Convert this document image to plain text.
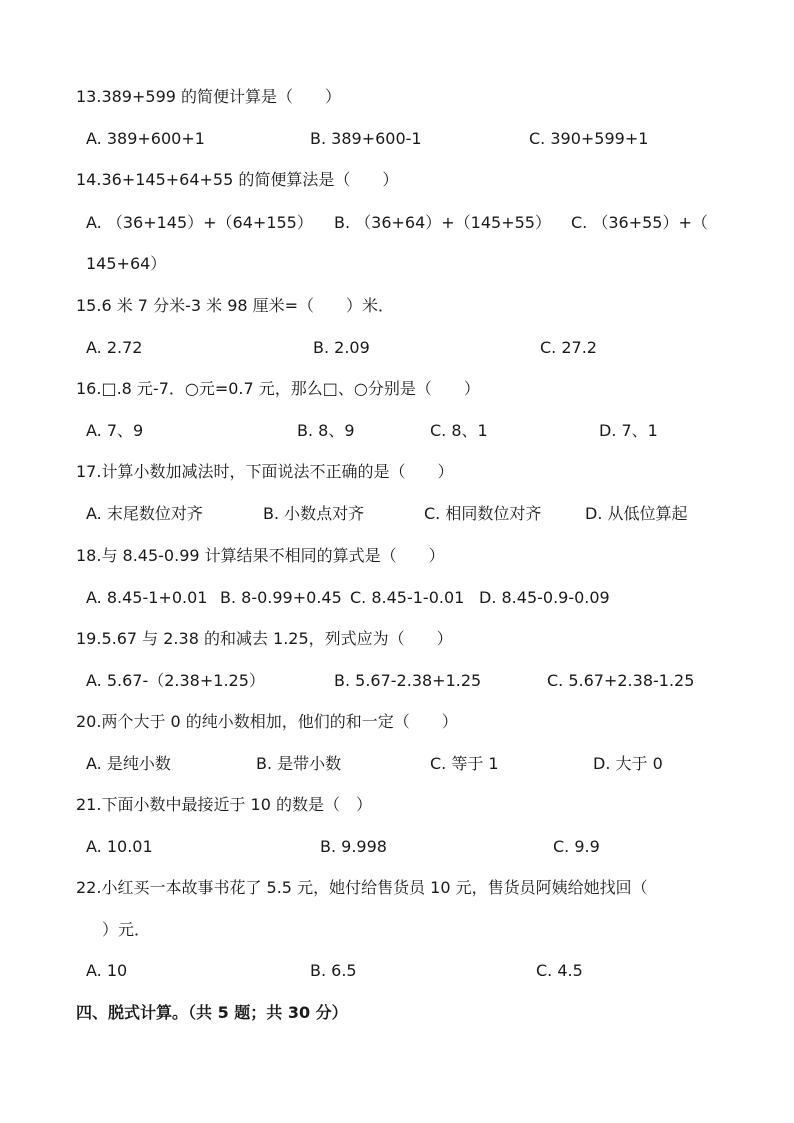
13.389+599 的简便计算是（　　）
A. 389+600+1	B. 389+600-1	C. 390+599+1
14.36+145+64+55 的简便算法是（　　）
A. （36+145）+（64+155） B. （36+64）+（145+55） C. （36+55）+（
145+64）
15.6 米 7 分米-3 米 98 厘米=（　　）米．
A. 2.72	B. 2.09	C. 27.2
16.□.8 元-7．○元=0.7 元，那么□、○分别是（　　）
A. 7、9	B. 8、9	C. 8、1	D. 7、1
17.计算小数加减法时，下面说法不正确的是（　　）
A. 末尾数位对齐	B. 小数点对齐	C. 相同数位对齐	D. 从低位算起
18.与 8.45-0.99 计算结果不相同的算式是（　　）
A. 8.45-1+0.01 B. 8-0.99+0.45 C. 8.45-1-0.01 D. 8.45-0.9-0.09
19.5.67 与 2.38 的和减去 1.25，列式应为（　　）
A. 5.67-（2.38+1.25）	B. 5.67-2.38+1.25	C. 5.67+2.38-1.25
20.两个大于 0 的纯小数相加，他们的和一定（　　）
A. 是纯小数	B. 是带小数	C. 等于 1	D. 大于 0
21.下面小数中最接近于 10 的数是（　）
A. 10.01	B. 9.998	C. 9.9
22.小红买一本故事书花了 5.5 元，她付给售货员 10 元，售货员阿姨给她找回（
　）元．
A. 10	B. 6.5	C. 4.5
四、脱式计算。（共 5 题；共 30 分）
